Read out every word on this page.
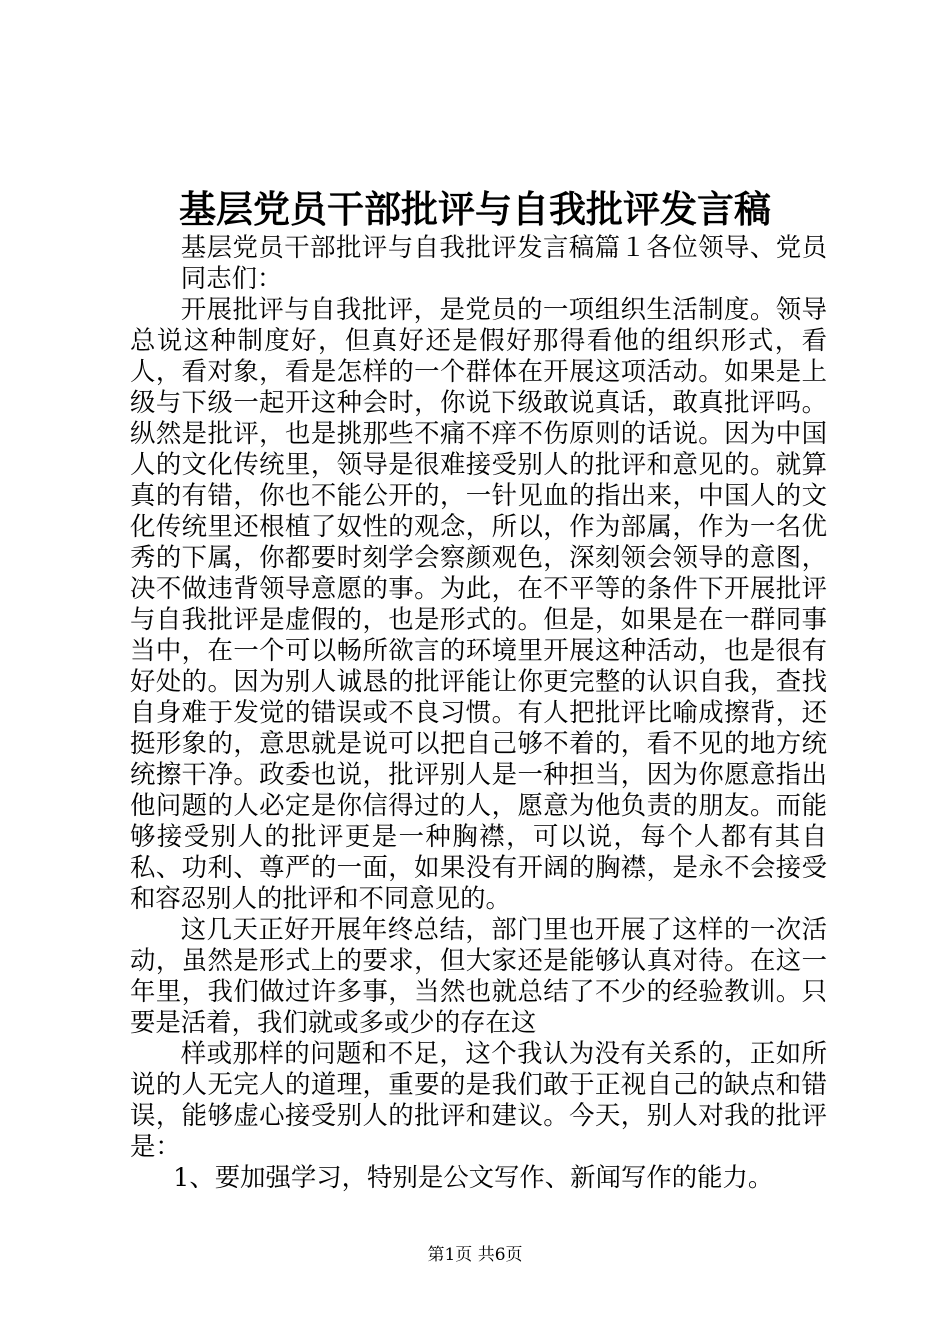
基层党员干部批评与自我批评发言稿

基层党员干部批评与自我批评发言稿篇１各位领导、党员同志们：

开展批评与自我批评，是党员的一项组织生活制度。领导总说这种制度好，但真好还是假好那得看他的组织形式，看人，看对象，看是怎样的一个群体在开展这项活动。如果是上级与下级一起开这种会时，你说下级敢说真话，敢真批评吗。纵然是批评，也是挑那些不痛不痒不伤原则的话说。因为中国人的文化传统里，领导是很难接受别人的批评和意见的。就算真的有错，你也不能公开的，一针见血的指出来，中国人的文化传统里还根植了奴性的观念，所以，作为部属，作为一名优秀的下属，你都要时刻学会察颜观色，深刻领会领导的意图，决不做违背领导意愿的事。为此，在不平等的条件下开展批评与自我批评是虚假的，也是形式的。但是，如果是在一群同事当中，在一个可以畅所欲言的环境里开展这种活动，也是很有好处的。因为别人诚恳的批评能让你更完整的认识自我，查找自身难于发觉的错误或不良习惯。有人把批评比喻成擦背，还挺形象的，意思就是说可以把自己够不着的，看不见的地方统统擦干净。政委也说，批评别人是一种担当，因为你愿意指出他问题的人必定是你信得过的人，愿意为他负责的朋友。而能够接受别人的批评更是一种胸襟，可以说，每个人都有其自私、功利、尊严的一面，如果没有开阔的胸襟，是永不会接受和容忍别人的批评和不同意见的。

这几天正好开展年终总结，部门里也开展了这样的一次活动，虽然是形式上的要求，但大家还是能够认真对待。在这一年里，我们做过许多事，当然也就总结了不少的经验教训。只要是活着，我们就或多或少的存在这

样或那样的问题和不足，这个我认为没有关系的，正如所说的人无完人的道理，重要的是我们敢于正视自己的缺点和错误，能够虚心接受别人的批评和建议。今天，别人对我的批评是：

1、要加强学习，特别是公文写作、新闻写作的能力。

第1页 共6页
